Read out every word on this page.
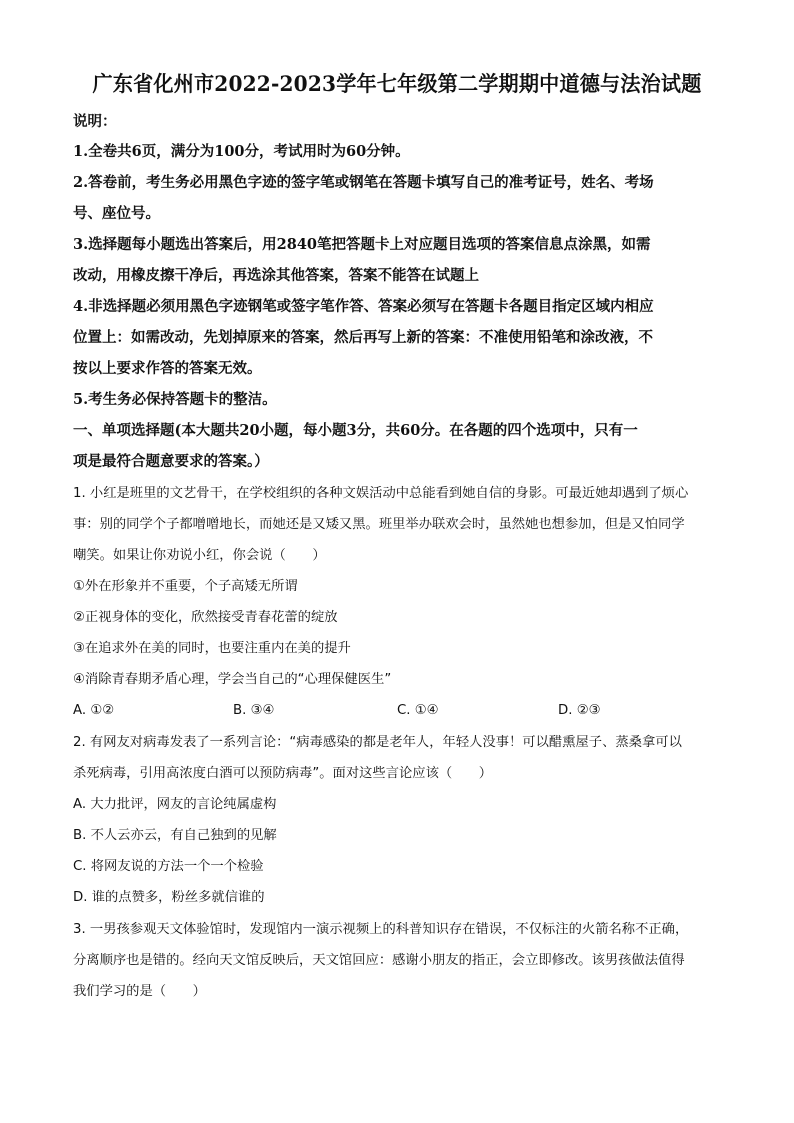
广东省化州市2022-2023学年七年级第二学期期中道德与法治试题
说明：
1.全卷共6页，满分为100分，考试用时为60分钟。
2.答卷前，考生务必用黑色字迹的签字笔或钢笔在答题卡填写自己的准考证号，姓名、考场
号、座位号。
3.选择题每小题选出答案后，用2840笔把答题卡上对应题目选项的答案信息点涂黑，如需
改动，用橡皮擦干净后，再选涂其他答案，答案不能答在试题上
4.非选择题必须用黑色字迹钢笔或签字笔作答、答案必须写在答题卡各题目指定区域内相应
位置上：如需改动，先划掉原来的答案，然后再写上新的答案：不准使用铅笔和涂改液，不
按以上要求作答的答案无效。
5.考生务必保持答题卡的整洁。
一、单项选择题(本大题共20小题，每小题3分，共60分。在各题的四个选项中，只有一
项是最符合题意要求的答案。）
1. 小红是班里的文艺骨干，在学校组织的各种文娱活动中总能看到她自信的身影。可最近她却遇到了烦心
事：别的同学个子都噌噌地长，而她还是又矮又黑。班里举办联欢会时，虽然她也想参加，但是又怕同学
嘲笑。如果让你劝说小红，你会说（　　）
①外在形象并不重要，个子高矮无所谓
②正视身体的变化，欣然接受青春花蕾的绽放
③在追求外在美的同时，也要注重内在美的提升
④消除青春期矛盾心理，学会当自己的“心理保健医生”
A. ①②	B. ③④	C. ①④	D. ②③
2. 有网友对病毒发表了一系列言论：“病毒感染的都是老年人，年轻人没事！可以醋熏屋子、蒸桑拿可以
杀死病毒，引用高浓度白酒可以预防病毒”。面对这些言论应该（　　）
A. 大力批评，网友的言论纯属虚构
B. 不人云亦云，有自己独到的见解
C. 将网友说的方法一个一个检验
D. 谁的点赞多，粉丝多就信谁的
3. 一男孩参观天文体验馆时，发现馆内一演示视频上的科普知识存在错误，不仅标注的火箭名称不正确，
分离顺序也是错的。经向天文馆反映后，天文馆回应：感谢小朋友的指正，会立即修改。该男孩做法值得
我们学习的是（　　）
